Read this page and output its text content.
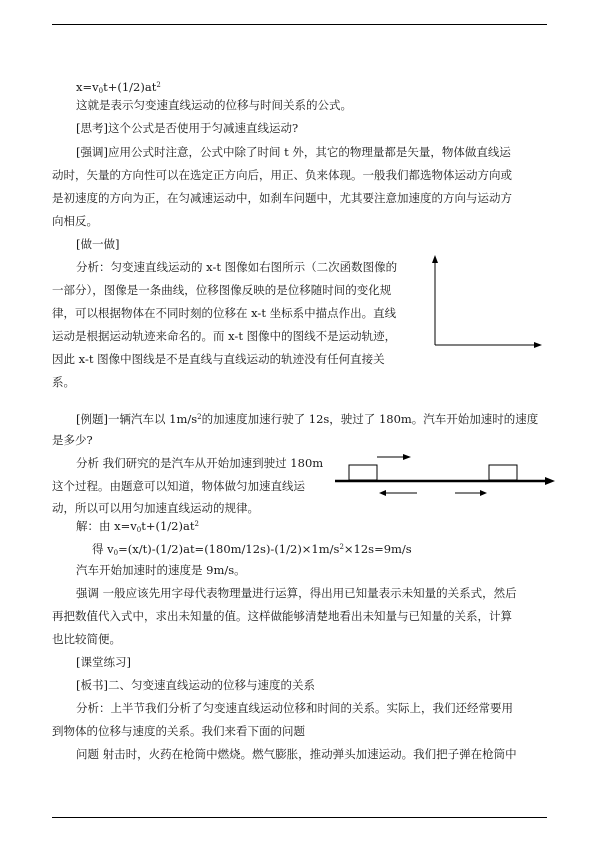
$x=v_0t+(1/2)at^2$
这就是表示匀变速直线运动的位移与时间关系的公式。
[思考]这个公式是否使用于匀减速直线运动?
[强调]应用公式时注意，公式中除了时间 t 外，其它的物理量都是矢量，物体做直线运
动时，矢量的方向性可以在选定正方向后，用正、负来体现。一般我们都选物体运动方向或
是初速度的方向为正，在匀减速运动中，如刹车问题中，尤其要注意加速度的方向与运动方
向相反。
[做一做]
分析：匀变速直线运动的 x-t 图像如右图所示（二次函数图像的
一部分），图像是一条曲线，位移图像反映的是位移随时间的变化规
律，可以根据物体在不同时刻的位移在 x-t 坐标系中描点作出。直线
运动是根据运动轨迹来命名的。而 x-t 图像中的图线不是运动轨迹，
因此 x-t 图像中图线是不是直线与直线运动的轨迹没有任何直接关
系。
[例题]一辆汽车以 $1m/s^2$的加速度加速行驶了 12s，驶过了 180m。汽车开始加速时的速度
是多少?
分析 我们研究的是汽车从开始加速到驶过 180m
这个过程。由题意可以知道，物体做匀加速直线运
动，所以可以用匀加速直线运动的规律。
解：由 $x=v_0t+(1/2)at^2$
得 $v_0=(x/t)-(1/2)at=(180m/12s)-(1/2)\times 1m/s^2\times 12s=9m/s$
汽车开始加速时的速度是 9m/s。
强调 一般应该先用字母代表物理量进行运算，得出用已知量表示未知量的关系式，然后
再把数值代入式中，求出未知量的值。这样做能够清楚地看出未知量与已知量的关系，计算
也比较简便。
[课堂练习]
[板书]二、匀变速直线运动的位移与速度的关系
分析：上半节我们分析了匀变速直线运动位移和时间的关系。实际上，我们还经常要用
到物体的位移与速度的关系。我们来看下面的问题
问题 射击时，火药在枪筒中燃烧。燃气膨胀，推动弹头加速运动。我们把子弹在枪筒中
